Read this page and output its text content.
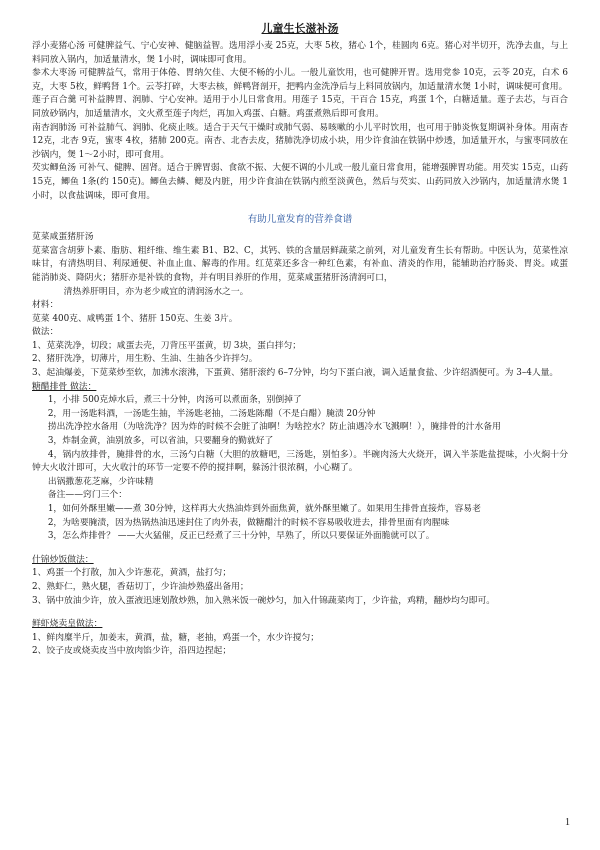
儿童生长滋补汤

浮小麦猪心汤 可健脾益气、宁心安神、健脑益智。选用浮小麦 25克，大枣 5枚，猪心 1个，桂圆肉 6克。猪心对半切开，洗净去血，与上料同放入锅内，加适量清水，煲 1小时，调味即可食用。

参术大枣汤 可健脾益气，常用于体倦、胃纳欠佳、大便不畅的小儿。一般儿童饮用，也可健脾开胃。选用党参 10克，云苓 20克，白术 6克，大枣 5枚，鲜鸭肾 1个。云苓打碎，大枣去核，鲜鸭肾剖开，把鸭内金洗净后与上料同放锅内，加适量清水煲 1小时，调味便可食用。

莲子百合羹 可补益脾胃、润肺、宁心安神。适用于小儿日常食用。用莲子 15克，干百合 15克，鸡蛋 1个，白糖适量。莲子去芯，与百合同放砂锅内，加适量清水，文火煮至莲子肉烂，再加入鸡蛋、白糖。鸡蛋煮熟后即可食用。

南杏润肺汤 可补益肺气、润肺、化痰止咳。适合于天气干燥时或肺气弱、易咳嗽的小儿平时饮用，也可用于肺炎恢复期调补身体。用南杏 12克，北杏 9克，蜜枣 4枚，猪肺 200克。南杏、北杏去皮，猪肺洗净切成小块，用少许食油在铁锅中炒透，加适量开水，与蜜枣同放在沙锅内，煲 1～2小时，即可食用。

芡实鲫鱼汤 可补气、健脾、固肾。适合于脾胃弱、食欲不振、大便不调的小儿或一般儿童日常食用，能增强脾胃功能。用芡实 15克，山药 15克，鲫鱼 1条(约 150克)。鲫鱼去鳞、鳃及内脏，用少许食油在铁锅内煎至淡黄色，然后与芡实、山药同放入沙锅内，加适量清水煲 1小时，以食盐调味，即可食用。

有助儿童发育的营养食谱

苋菜咸蛋猪肝汤

苋菜富含胡萝卜素、脂肪、粗纤维、维生素 B1、B2、C，其钙、铁的含量居鲜蔬菜之前列，对儿童发育生长有帮助。中医认为，苋菜性凉味甘，有清热明目、利尿通便、补血止血、解毒的作用。红苋菜还多含一种红色素，有补血、清炎的作用，能辅助治疗肠炎、胃炎。咸蛋能消肺炎、降阴火；猪肝亦是补铁的食物，并有明目养肝的作用，苋菜咸蛋猪肝汤清润可口，

清热养肝明目，亦为老少咸宜的清润汤水之一。

材料：

苋菜 400克、咸鸭蛋 1个、猪肝 150克、生姜 3片。

做法：

1、苋菜洗净，切段；咸蛋去壳，刀背压平蛋黄，切 3块，蛋白拌匀；

2、猪肝洗净，切薄片，用生粉、生油、生抽各少许拌匀。

3、起油爆姜，下苋菜炒至软，加沸水滚沸，下蛋黄、猪肝滚约 6–7分钟，均匀下蛋白液，调入适量食盐、少许绍酒便可。为 3–4人量。

糖醋排骨 做法：

1，小排 500克焯水后，煮三十分钟，肉汤可以煮面条，别倒掉了

2，用一汤匙料酒，一汤匙生抽，半汤匙老抽，二汤匙陈醋（不是白醋）腌渍 20分钟

捞出洗净控水备用（为啥洗净？因为炸的时候不会脏了油啊！为啥控水？防止油遇冷水飞溅啊！），腌排骨的汁水备用

3，炸制金黄，油别放多，可以省油，只要翻身的勤就好了

4，锅内放排骨，腌排骨的水，三汤勺白糖（大胆的放糖吧，三汤匙，别怕多）。半碗肉汤大火烧开，调入半茶匙盐提味，小火焖十分钟大火收汁即可，大火收汁的环节一定要不停的搅拌啊，躲汤汁很浓稠，小心糊了。

出锅撒葱花芝麻，少许味精

备注——窍门三个：

1，如何外酥里嫩——煮 30分钟，这样再大火热油炸到外面焦黄，就外酥里嫩了。如果用生排骨直接炸，容易老

2，为啥要腌渍，因为热锅热油迅速封住了肉外表，做糖醋汁的时候不容易吸收进去，排骨里面有肉腥味

3，怎么炸排骨？ ——大火猛催，反正已经煮了三十分钟，早熟了，所以只要保证外面脆就可以了。

什锦炒饭做法：

1、鸡蛋一个打散，加入少许葱花，黄酒，盐打匀；

2、熟虾仁，熟火腿，香菇切丁，少许油炒熟盛出备用；

3、锅中放油少许，放入蛋液迅速划散炒熟，加入熟米饭一碗炒匀，加入什锦蔬菜肉丁，少许盐，鸡精，翻炒均匀即可。

鲜虾烧卖皇做法：

1、鲜肉糜半斤，加姜末，黄酒，盐，糖，老抽，鸡蛋一个，水少许搅匀；

2、饺子皮或烧卖皮当中放肉馅少许，沿四边捏起；

1
